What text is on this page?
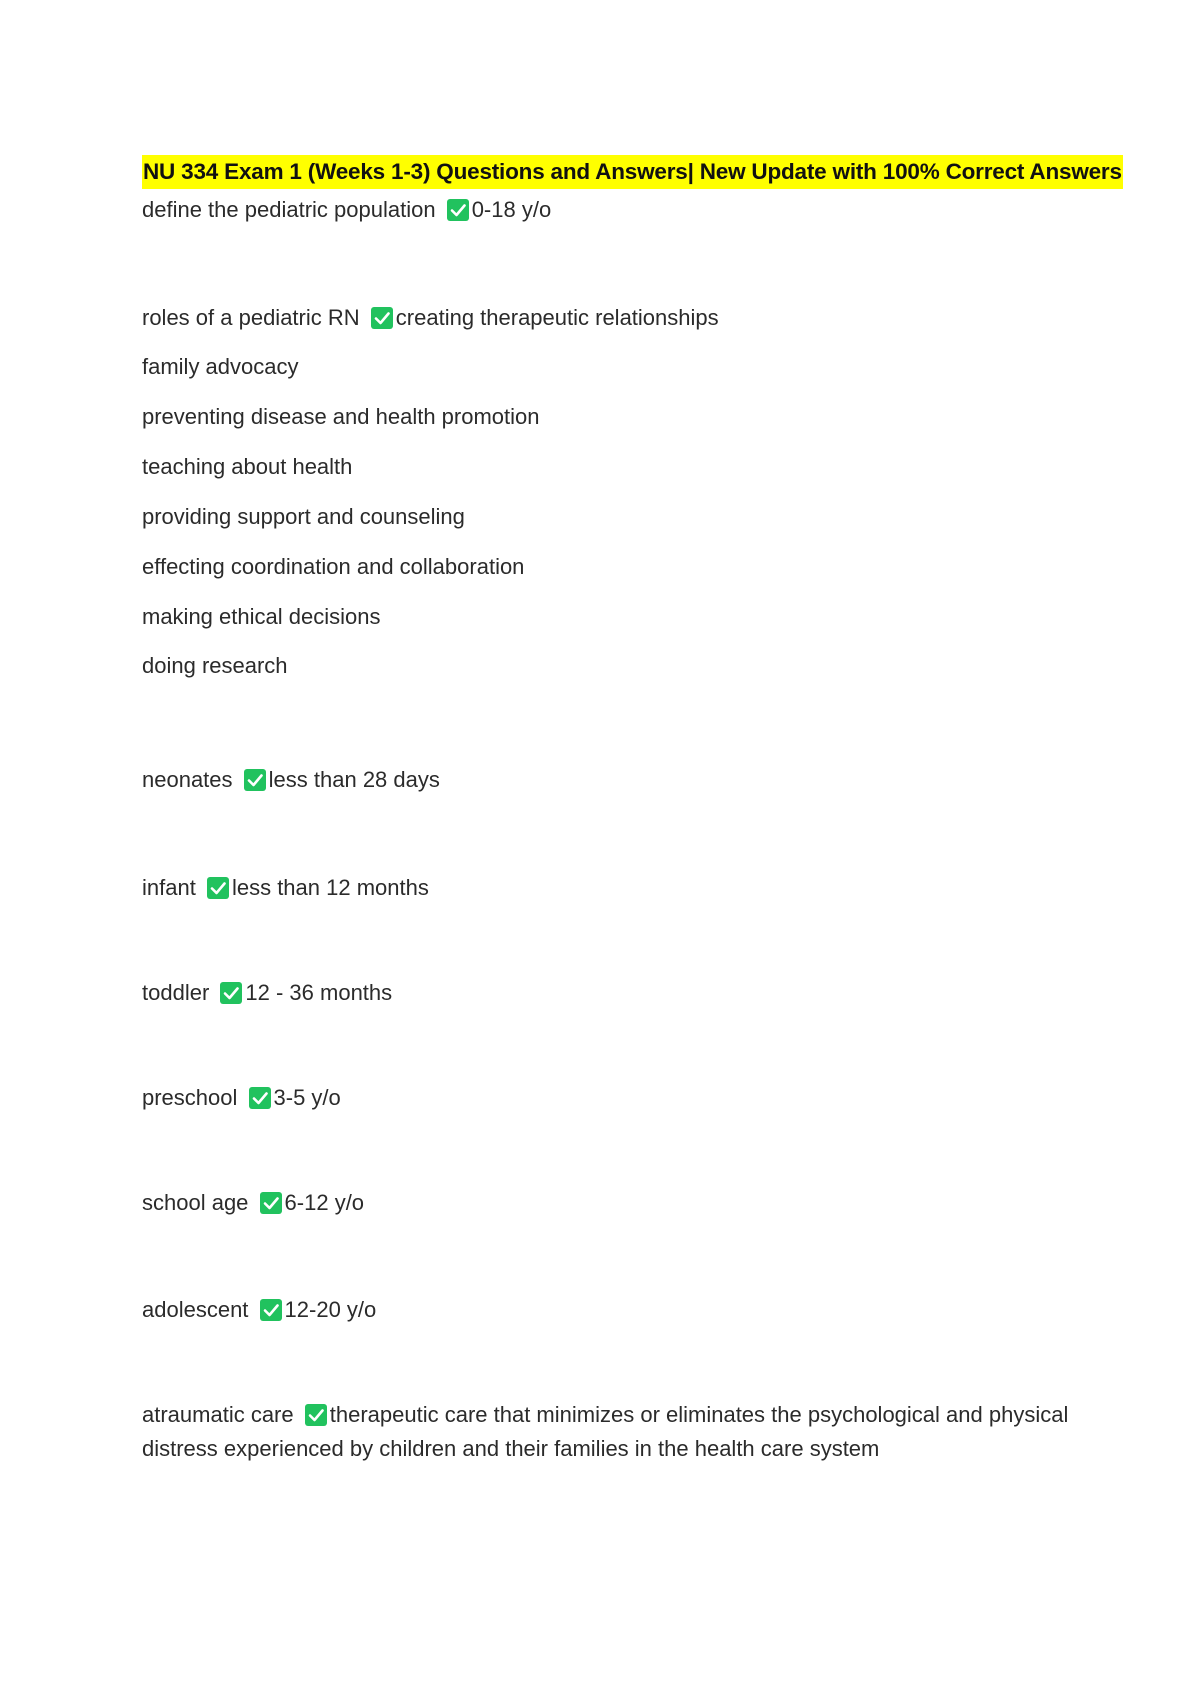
NU 334 Exam 1 (Weeks 1-3) Questions and Answers| New Update with 100% Correct Answers
define the pediatric population 0-18 y/o
roles of a pediatric RN creating therapeutic relationships
family advocacy
preventing disease and health promotion
teaching about health
providing support and counseling
effecting coordination and collaboration
making ethical decisions
doing research
neonates less than 28 days
infant less than 12 months
toddler 12 - 36 months
preschool 3-5 y/o
school age 6-12 y/o
adolescent 12-20 y/o
atraumatic care therapeutic care that minimizes or eliminates the psychological and physical distress experienced by children and their families in the health care system
